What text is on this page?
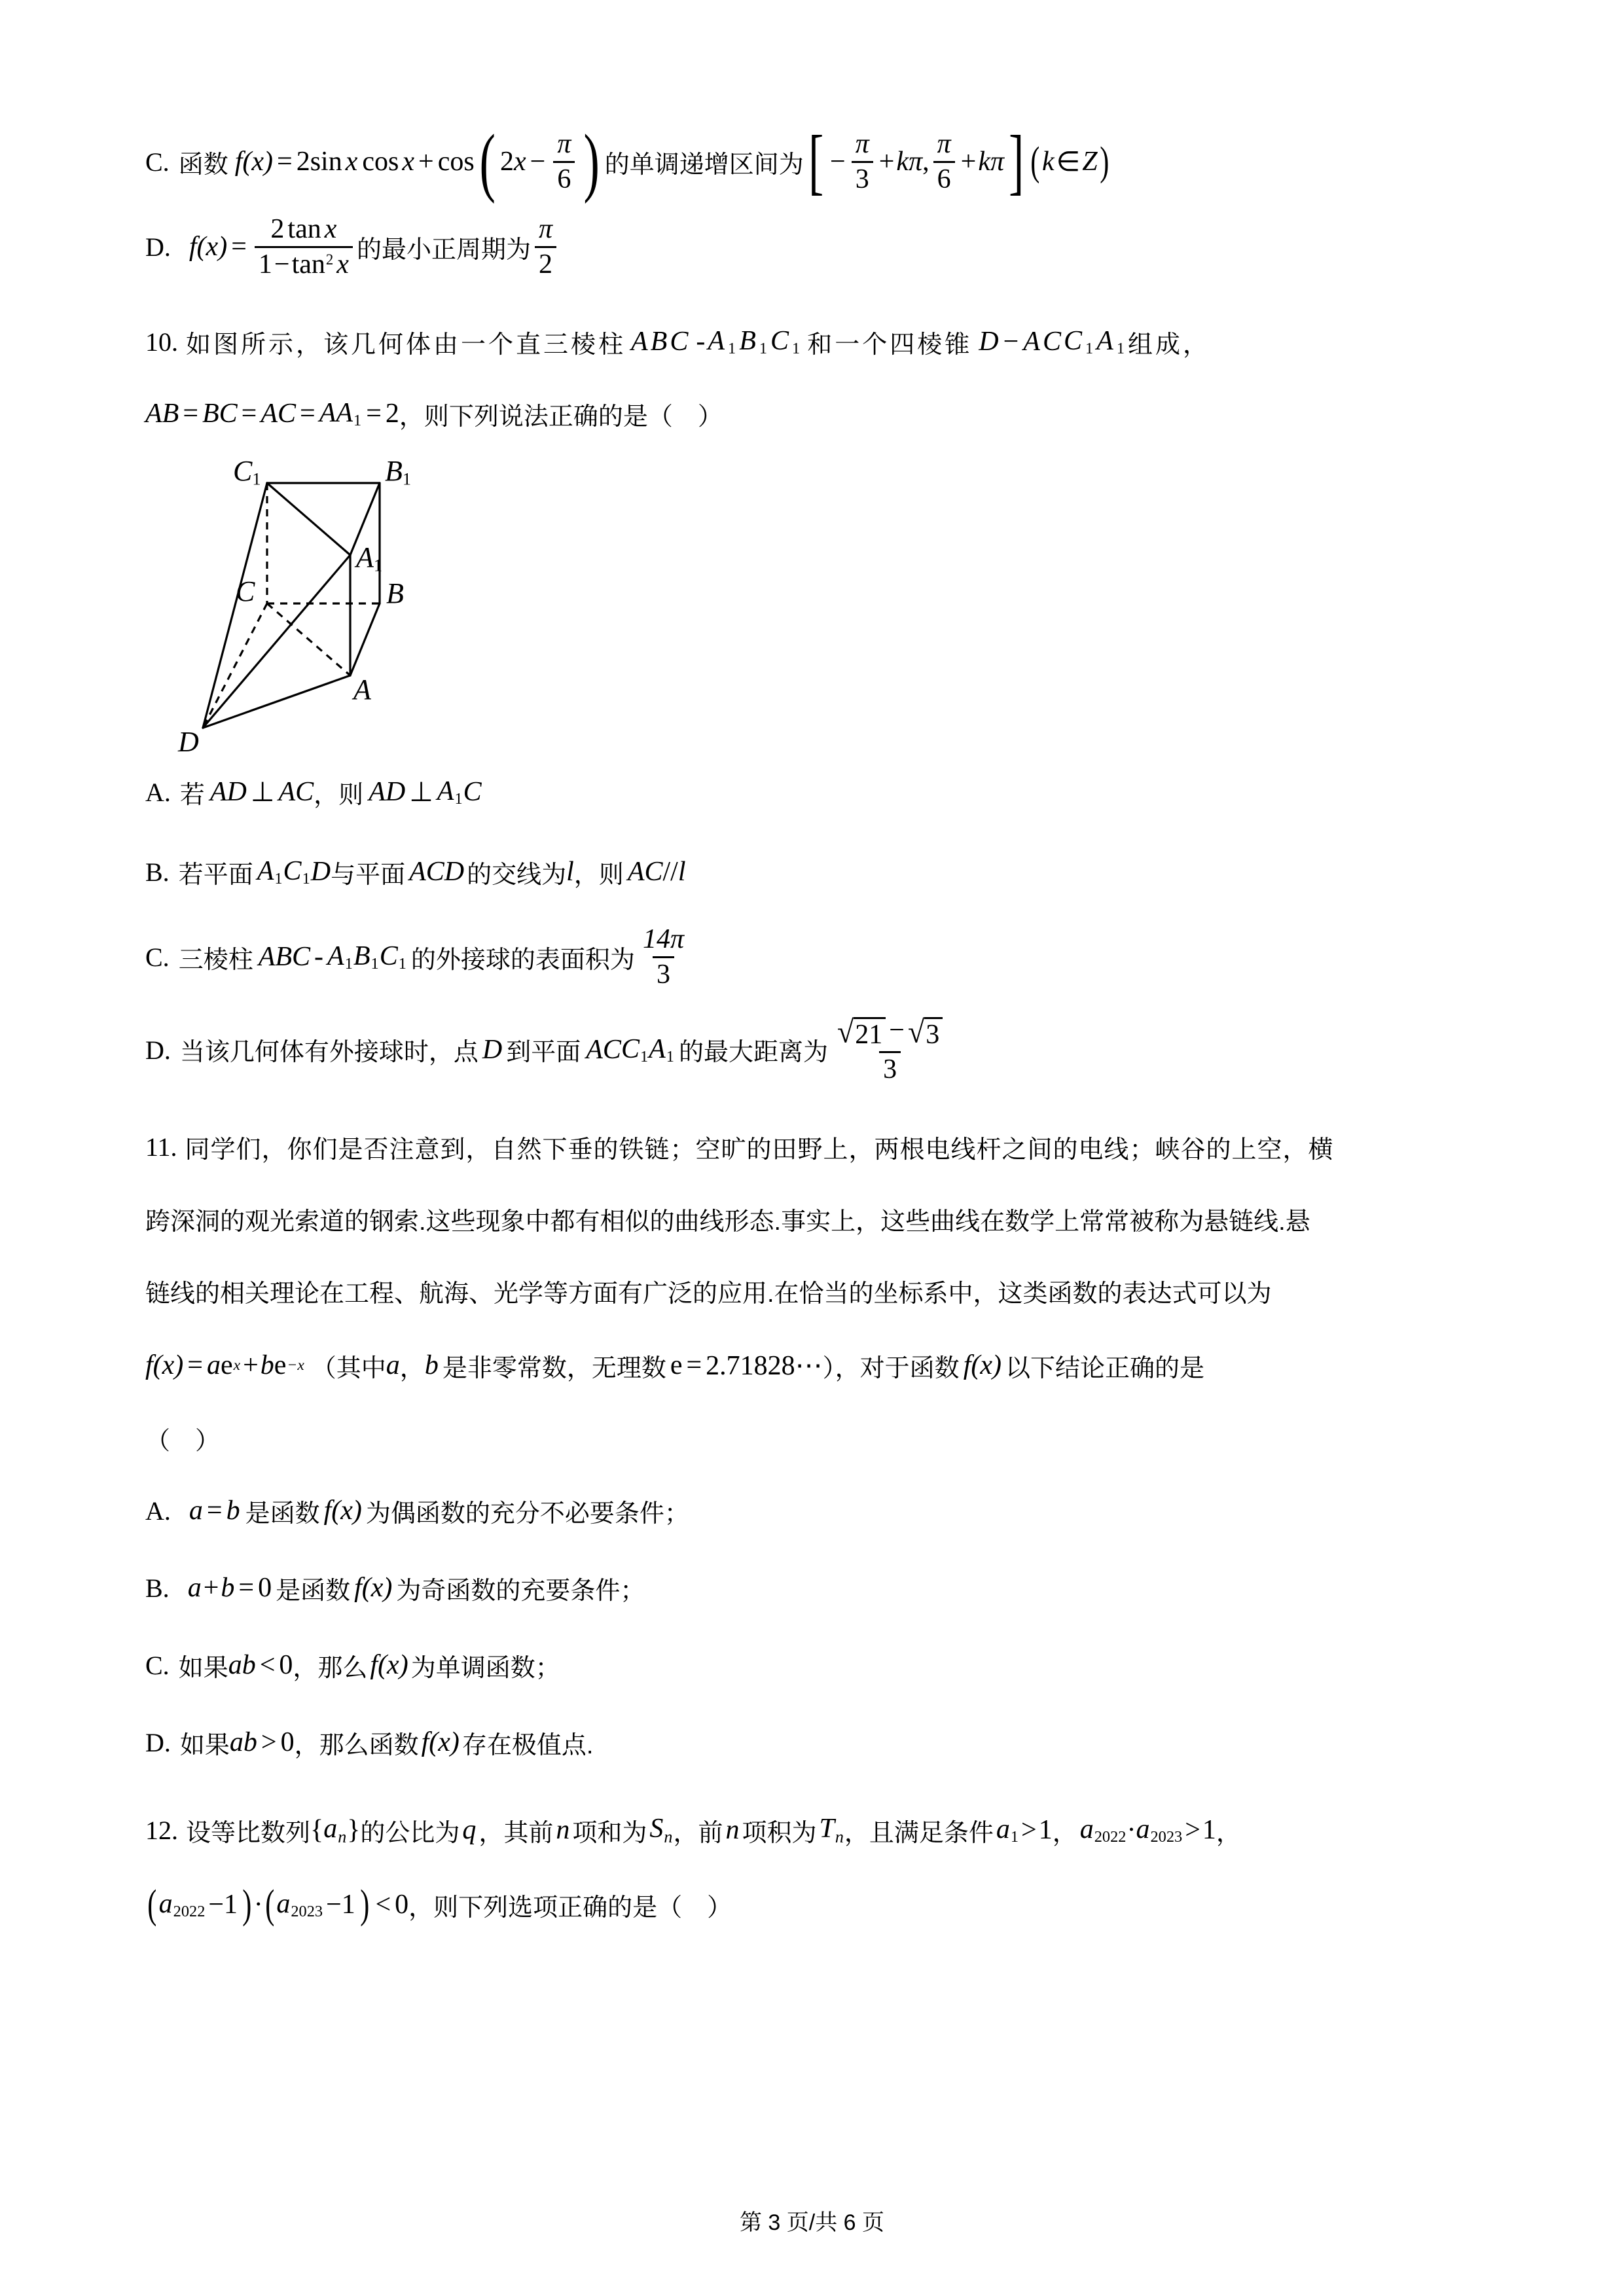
C. 函数 f(x) = 2sin x cos x + cos ( 2 $x - \frac{\pi}{6}$ ) 的单调递增区间为 [ − $\frac{\pi}{3} + k$ π , $\frac{\pi}{6} + k$ π ] ( k ∈ Z )
D. $f(x) = \frac{\text{2 tan x}}{1-\tan^2 x}$ 的最小正周期为 $\frac{\pi}{2}$
10. 如图所示，该几何体由一个直三棱柱 ABC - $A_1$ $B_1$ $C_1$ 和一个四棱锥 D − A C $C_1$ $A_1$ 组成，
AB = BC = AC = $AA_1 = 2$ ，则下列说法正确的是（　）
$C_1$	$B_1$
$A_1$
C	B
A
D
A. 若 AD ⊥ AC ，则 AD ⊥ $A_1$ C
B. 若平面 $A_1$ $C_1$ D 与平面 ACD 的交线为 l ，则 AC // l
C. 三棱柱 ABC - $A_1$ $B_1$ $C_1$ 的外接球的表面积为 $\frac{14\pi}{3}$
D. 当该几何体有外接球时，点 D 到平面 A C $C_1$ $A_1$ 的最大距离为 $\frac{√ 21 - √ 3}{3}$
11. 同学们，你们是否注意到，自然下垂的铁链；空旷的田野上，两根电线杆之间的电线；峡谷的上空，横
跨深洞的观光索道的钢索.这些现象中都有相似的曲线形态.事实上，这些曲线在数学上常常被称为悬链线.悬
链线的相关理论在工程、航海、光学等方面有广泛的应用.在恰当的坐标系中，这类函数的表达式可以为
f(x) = a e x + b e −x （其中 a ， b 是非零常数，无理数 e = 2.71828⋯ ），对于函数 f(x) 以下结论正确的是
（　）
A. a = b 是函数 f(x) 为偶函数的充分不必要条件；
B. a + b = 0 是函数 f(x) 为奇函数的充要条件；
C. 如果 ab < 0 ，那么 f(x) 为单调函数；
D. 如果 ab > 0 ，那么函数 f(x) 存在极值点.
12. 设等比数列 { $a_n$ } 的公比为 q ，其前 n 项和为 $S_n$ ，前 n 项积为 $T_n$ ，且满足条件 $a_1 > 1$ ， $a_{2022} \cdot a_{2023} > 1$ ，
( $a_{2022} -1$ ) · ( $a_{2023} -1$ ) < 0 ，则下列选项正确的是（　）
第 3 页/共 6 页
